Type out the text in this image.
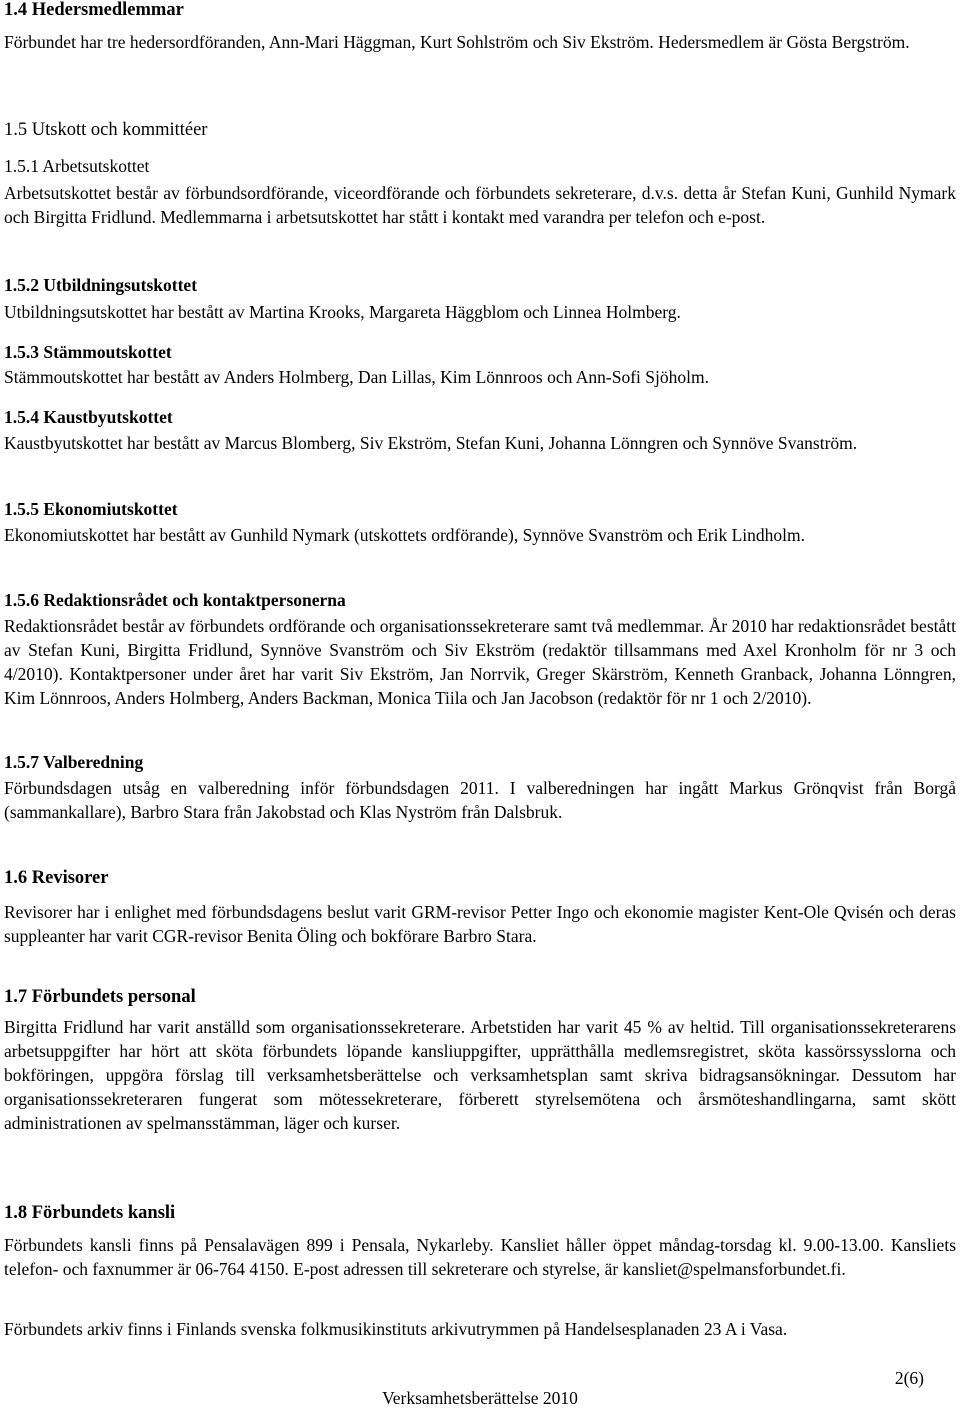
1.4 Hedersmedlemmar
Förbundet har tre hedersordföranden, Ann-Mari Häggman, Kurt Sohlström och Siv Ekström. Hedersmedlem är Gösta Bergström.
1.5 Utskott och kommittéer
1.5.1 Arbetsutskottet
Arbetsutskottet består av förbundsordförande, viceordförande och förbundets sekreterare, d.v.s. detta år Stefan Kuni, Gunhild Nymark och Birgitta Fridlund. Medlemmarna i arbetsutskottet har stått i kontakt med varandra per telefon och e-post.
1.5.2 Utbildningsutskottet
Utbildningsutskottet har bestått av Martina Krooks, Margareta Häggblom och Linnea Holmberg.
1.5.3 Stämmoutskottet
Stämmoutskottet har bestått av Anders Holmberg, Dan Lillas, Kim Lönnroos och Ann-Sofi Sjöholm.
1.5.4 Kaustbyutskottet
Kaustbyutskottet har bestått av Marcus Blomberg, Siv Ekström, Stefan Kuni, Johanna Lönngren och Synnöve Svanström.
1.5.5 Ekonomiutskottet
Ekonomiutskottet har bestått av Gunhild Nymark (utskottets ordförande), Synnöve Svanström och Erik Lindholm.
1.5.6 Redaktionsrådet och kontaktpersonerna
Redaktionsrådet består av förbundets ordförande och organisationssekreterare samt två medlemmar. År 2010 har redaktionsrådet bestått av Stefan Kuni, Birgitta Fridlund, Synnöve Svanström och Siv Ekström (redaktör tillsammans med Axel Kronholm för nr 3 och 4/2010). Kontaktpersoner under året har varit Siv Ekström, Jan Norrvik, Greger Skärström, Kenneth Granback, Johanna Lönngren, Kim Lönnroos, Anders Holmberg, Anders Backman, Monica Tiila och Jan Jacobson (redaktör för nr 1 och 2/2010).
1.5.7 Valberedning
Förbundsdagen utsåg en valberedning inför förbundsdagen 2011. I valberedningen har ingått Markus Grönqvist från Borgå (sammankallare), Barbro Stara från Jakobstad och Klas Nyström från Dalsbruk.
1.6 Revisorer
Revisorer har i enlighet med förbundsdagens beslut varit GRM-revisor Petter Ingo och ekonomie magister Kent-Ole Qvisén och deras suppleanter har varit CGR-revisor Benita Öling och bokförare Barbro Stara.
1.7 Förbundets personal
Birgitta Fridlund har varit anställd som organisationssekreterare. Arbetstiden har varit 45 % av heltid. Till organisationssekreterarens arbetsuppgifter har hört att sköta förbundets löpande kansliuppgifter, upprätthålla medlemsregistret, sköta kassörssysslorna och bokföringen, uppgöra förslag till verksamhetsberättelse och verksamhetsplan samt skriva bidragsansökningar. Dessutom har organisationssekreteraren fungerat som mötessekreterare, förberett styrelsemötena och årsmöteshandlingarna, samt skött administrationen av spelmansstämman, läger och kurser.
1.8 Förbundets kansli
Förbundets kansli finns på Pensalavägen 899 i Pensala, Nykarleby. Kansliet håller öppet måndag-torsdag kl. 9.00-13.00. Kansliets telefon- och faxnummer är 06-764 4150. E-post adressen till sekreterare och styrelse, är kansliet@spelmansforbundet.fi.
Förbundets arkiv finns i Finlands svenska folkmusikinstituts arkivutrymmen på Handelsesplanaden 23 A i Vasa.
2(6)
Verksamhetsberättelse 2010
